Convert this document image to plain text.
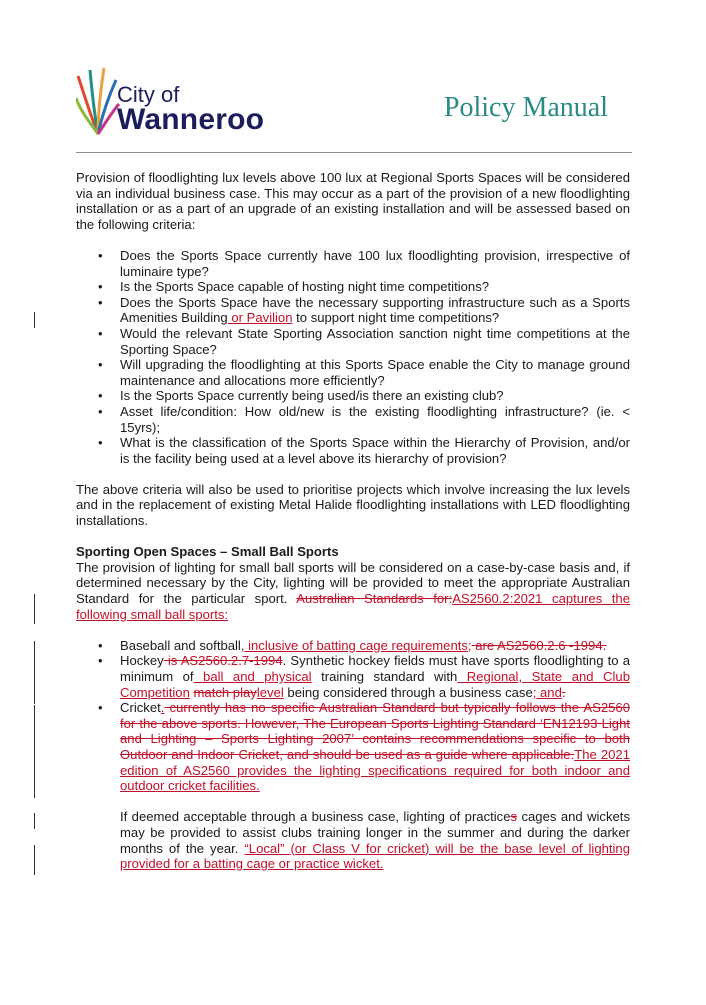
City of
Wanneroo	Policy Manual

Provision of floodlighting lux levels above 100 lux at Regional Sports Spaces will be considered via an individual business case. This may occur as a part of the provision of a new floodlighting installation or as a part of an upgrade of an existing installation and will be assessed based on the following criteria:

• Does the Sports Space currently have 100 lux floodlighting provision, irrespective of luminaire type?
• Is the Sports Space capable of hosting night time competitions?
• Does the Sports Space have the necessary supporting infrastructure such as a Sports Amenities Building or Pavilion to support night time competitions?
• Would the relevant State Sporting Association sanction night time competitions at the Sporting Space?
• Will upgrading the floodlighting at this Sports Space enable the City to manage ground maintenance and allocations more efficiently?
• Is the Sports Space currently being used/is there an existing club?
• Asset life/condition: How old/new is the existing floodlighting infrastructure? (ie. < 15yrs);
• What is the classification of the Sports Space within the Hierarchy of Provision, and/or is the facility being used at a level above its hierarchy of provision?

The above criteria will also be used to prioritise projects which involve increasing the lux levels and in the replacement of existing Metal Halide floodlighting installations with LED floodlighting installations.

Sporting Open Spaces – Small Ball Sports

The provision of lighting for small ball sports will be considered on a case-by-case basis and, if determined necessary by the City, lighting will be provided to meet the appropriate Australian Standard for the particular sport. Australian Standards for:AS2560.2:2021 captures the following small ball sports:

• Baseball and softball, inclusive of batting cage requirements; are AS2560.2.6 -1994.
• Hockey is AS2560.2.7-1994. Synthetic hockey fields must have sports floodlighting to a minimum of ball and physical training standard with Regional, State and Club Competition match playlevel being considered through a business case; and.
• Cricket. currently has no specific Australian Standard but typically follows the AS2560 for the above sports. However, The European Sports Lighting Standard ‘EN12193 Light and Lighting – Sports Lighting 2007’ contains recommendations specific to both Outdoor and Indoor Cricket, and should be used as a guide where applicable.The 2021 edition of AS2560 provides the lighting specifications required for both indoor and outdoor cricket facilities.

If deemed acceptable through a business case, lighting of practices cages and wickets may be provided to assist clubs training longer in the summer and during the darker months of the year. “Local” (or Class V for cricket) will be the base level of lighting provided for a batting cage or practice wicket.
